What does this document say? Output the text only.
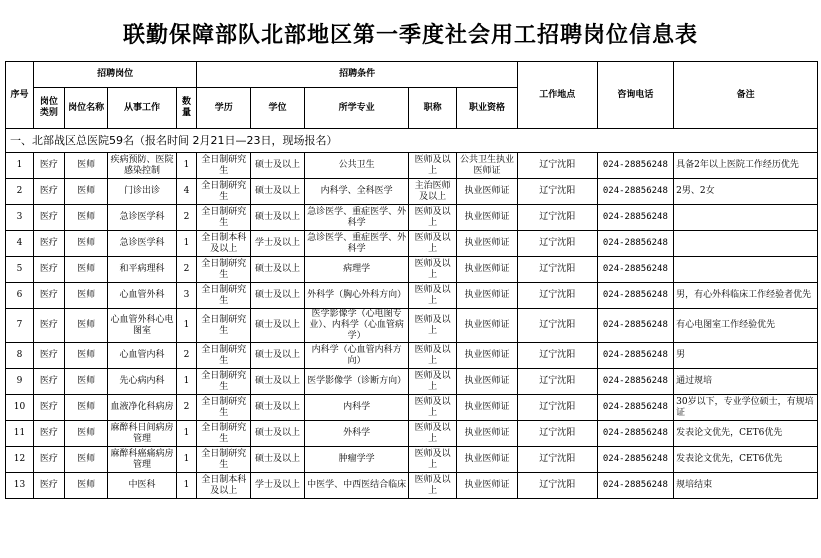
联勤保障部队北部地区第一季度社会用工招聘岗位信息表
序号	招聘岗位				招聘条件					工作地点	咨询电话	备注
	岗位类别	岗位名称	从事工作	数量	学历	学位	所学专业	职称	职业资格			
一、北部战区总医院59名（报名时间 2月21日—23日，现场报名）												
1	医疗	医师	疾病预防、医院感染控制	1	全日制研究生	硕士及以上	公共卫生	医师及以上	公共卫生执业医师证	辽宁沈阳	024-28856248	具备2年以上医院工作经历优先
2	医疗	医师	门诊出诊	4	全日制研究生	硕士及以上	内科学、全科医学	主治医师及以上	执业医师证	辽宁沈阳	024-28856248	2男、2女
3	医疗	医师	急诊医学科	2	全日制研究生	硕士及以上	急诊医学、重症医学、外科学	医师及以上	执业医师证	辽宁沈阳	024-28856248	
4	医疗	医师	急诊医学科	1	全日制本科及以上	学士及以上	急诊医学、重症医学、外科学	医师及以上	执业医师证	辽宁沈阳	024-28856248	
5	医疗	医师	和平病理科	2	全日制研究生	硕士及以上	病理学	医师及以上	执业医师证	辽宁沈阳	024-28856248	
6	医疗	医师	心血管外科	3	全日制研究生	硕士及以上	外科学（胸心外科方向）	医师及以上	执业医师证	辽宁沈阳	024-28856248	男，有心外科临床工作经验者优先
7	医疗	医师	心血管外科心电图室	1	全日制研究生	硕士及以上	医学影像学（心电图专业）、内科学（心血管病学）	医师及以上	执业医师证	辽宁沈阳	024-28856248	有心电图室工作经验优先
8	医疗	医师	心血管内科	2	全日制研究生	硕士及以上	内科学（心血管内科方向）	医师及以上	执业医师证	辽宁沈阳	024-28856248	男
9	医疗	医师	先心病内科	1	全日制研究生	硕士及以上	医学影像学（诊断方向）	医师及以上	执业医师证	辽宁沈阳	024-28856248	通过规培
10	医疗	医师	血液净化科病房	2	全日制研究生	硕士及以上	内科学	医师及以上	执业医师证	辽宁沈阳	024-28856248	30岁以下，专业学位硕士，有规培证
11	医疗	医师	麻醉科日间病房管理	1	全日制研究生	硕士及以上	外科学	医师及以上	执业医师证	辽宁沈阳	024-28856248	发表论文优先，CET6优先
12	医疗	医师	麻醉科癌痛病房管理	1	全日制研究生	硕士及以上	肿瘤学学	医师及以上	执业医师证	辽宁沈阳	024-28856248	发表论文优先，CET6优先
13	医疗	医师	中医科	1	全日制本科及以上	学士及以上	中医学、中西医结合临床	医师及以上	执业医师证	辽宁沈阳	024-28856248	规培结束
